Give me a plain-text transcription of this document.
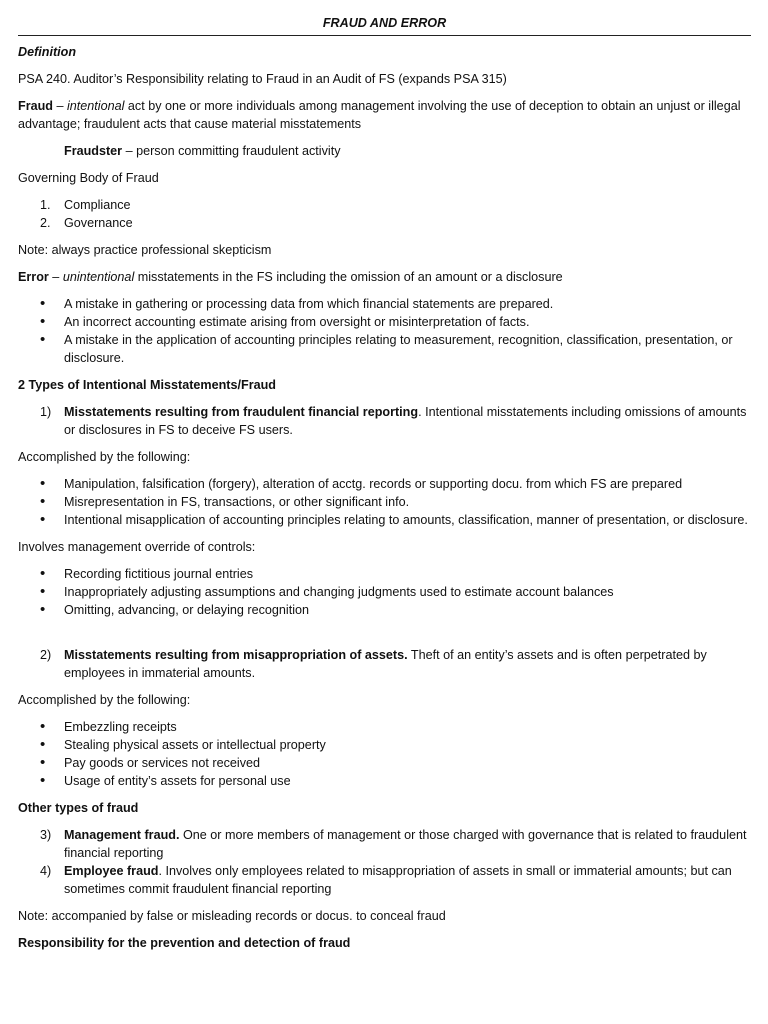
FRAUD AND ERROR

Definition

PSA 240. Auditor’s Responsibility relating to Fraud in an Audit of FS (expands PSA 315)

Fraud – intentional act by one or more individuals among management involving the use of deception to obtain an unjust or illegal advantage; fraudulent acts that cause material misstatements

Fraudster – person committing fraudulent activity

Governing Body of Fraud

1. Compliance
2. Governance

Note: always practice professional skepticism

Error – unintentional misstatements in the FS including the omission of an amount or a disclosure

• A mistake in gathering or processing data from which financial statements are prepared.
• An incorrect accounting estimate arising from oversight or misinterpretation of facts.
• A mistake in the application of accounting principles relating to measurement, recognition, classification, presentation, or disclosure.

2 Types of Intentional Misstatements/Fraud

1) Misstatements resulting from fraudulent financial reporting. Intentional misstatements including omissions of amounts or disclosures in FS to deceive FS users.

Accomplished by the following:

• Manipulation, falsification (forgery), alteration of acctg. records or supporting docu. from which FS are prepared
• Misrepresentation in FS, transactions, or other significant info.
• Intentional misapplication of accounting principles relating to amounts, classification, manner of presentation, or disclosure.

Involves management override of controls:

• Recording fictitious journal entries
• Inappropriately adjusting assumptions and changing judgments used to estimate account balances
• Omitting, advancing, or delaying recognition
2) Misstatements resulting from misappropriation of assets. Theft of an entity’s assets and is often perpetrated by employees in immaterial amounts.

Accomplished by the following:

• Embezzling receipts
• Stealing physical assets or intellectual property
• Pay goods or services not received
• Usage of entity’s assets for personal use

Other types of fraud

3) Management fraud. One or more members of management or those charged with governance that is related to fraudulent financial reporting
4) Employee fraud. Involves only employees related to misappropriation of assets in small or immaterial amounts; but can sometimes commit fraudulent financial reporting

Note: accompanied by false or misleading records or docus. to conceal fraud

Responsibility for the prevention and detection of fraud
